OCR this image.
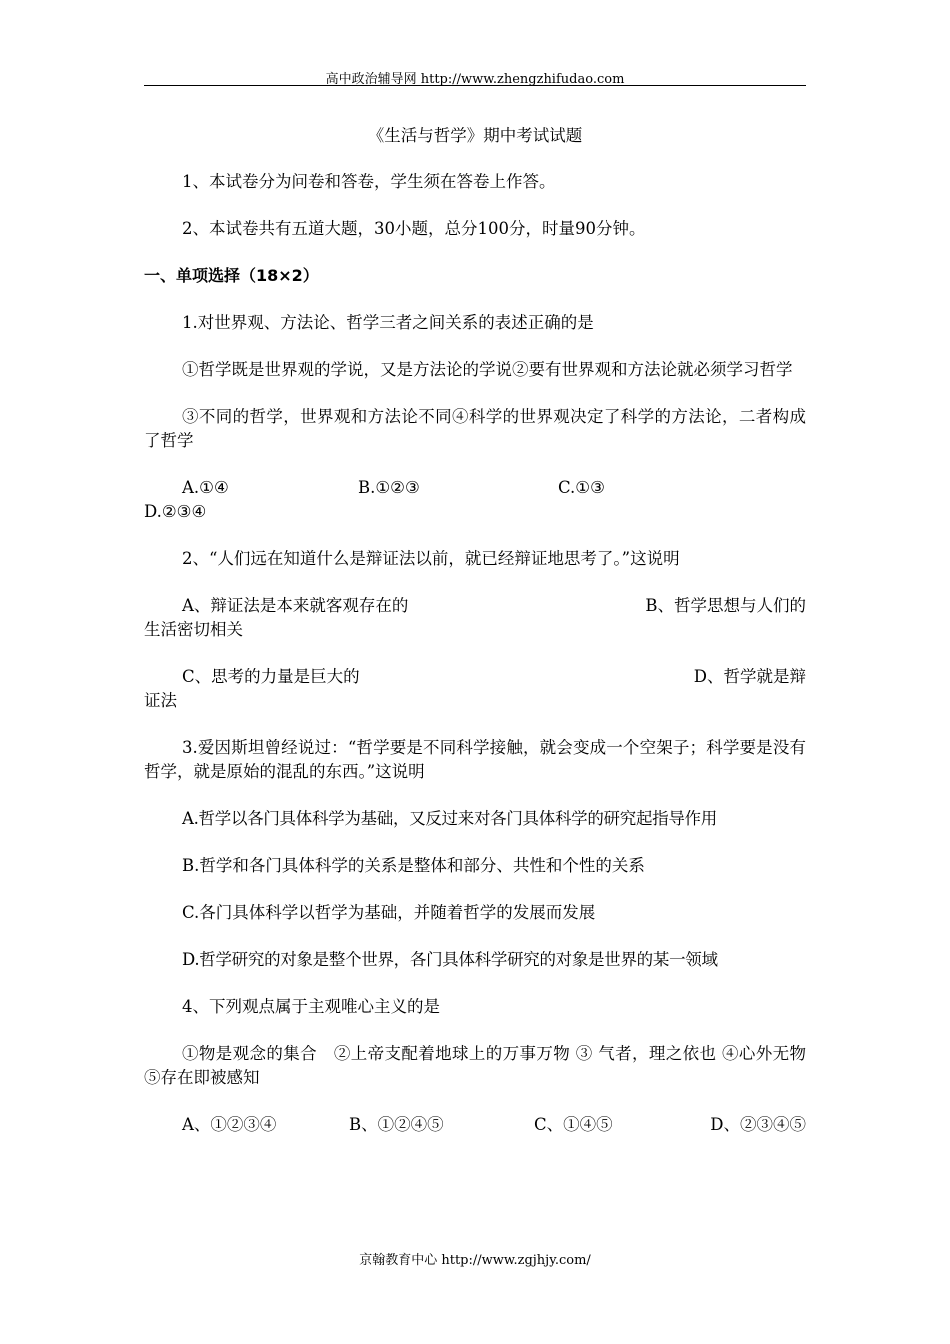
高中政治辅导网 http://www.zhengzhifudao.com
《生活与哲学》期中考试试题

1、本试卷分为问卷和答卷，学生须在答卷上作答。

2、本试卷共有五道大题，30小题，总分100分，时量90分钟。

一、单项选择（18×2）

1.对世界观、方法论、哲学三者之间关系的表述正确的是

①哲学既是世界观的学说，又是方法论的学说②要有世界观和方法论就必须学习哲学

③不同的哲学，世界观和方法论不同④科学的世界观决定了科学的方法论，二者构成了哲学

A.①④	B.①②③	C.①③
D.②③④

2、“人们远在知道什么是辩证法以前，就已经辩证地思考了。”这说明

A、辩证法是本来就客观存在的	B、哲学思想与人们的
生活密切相关
C、思考的力量是巨大的	D、哲学就是辩
证法

3.爱因斯坦曾经说过：“哲学要是不同科学接触，就会变成一个空架子；科学要是没有哲学，就是原始的混乱的东西。”这说明

A.哲学以各门具体科学为基础，又反过来对各门具体科学的研究起指导作用

B.哲学和各门具体科学的关系是整体和部分、共性和个性的关系

C.各门具体科学以哲学为基础，并随着哲学的发展而发展

D.哲学研究的对象是整个世界，各门具体科学研究的对象是世界的某一领域

4、下列观点属于主观唯心主义的是

①物是观念的集合　②上帝支配着地球上的万事万物 ③ 气者，理之依也 ④心外无物 ⑤存在即被感知

A、①②③④	B、①②④⑤	C、①④⑤	D、②③④⑤
京翰教育中心 http://www.zgjhjy.com/
